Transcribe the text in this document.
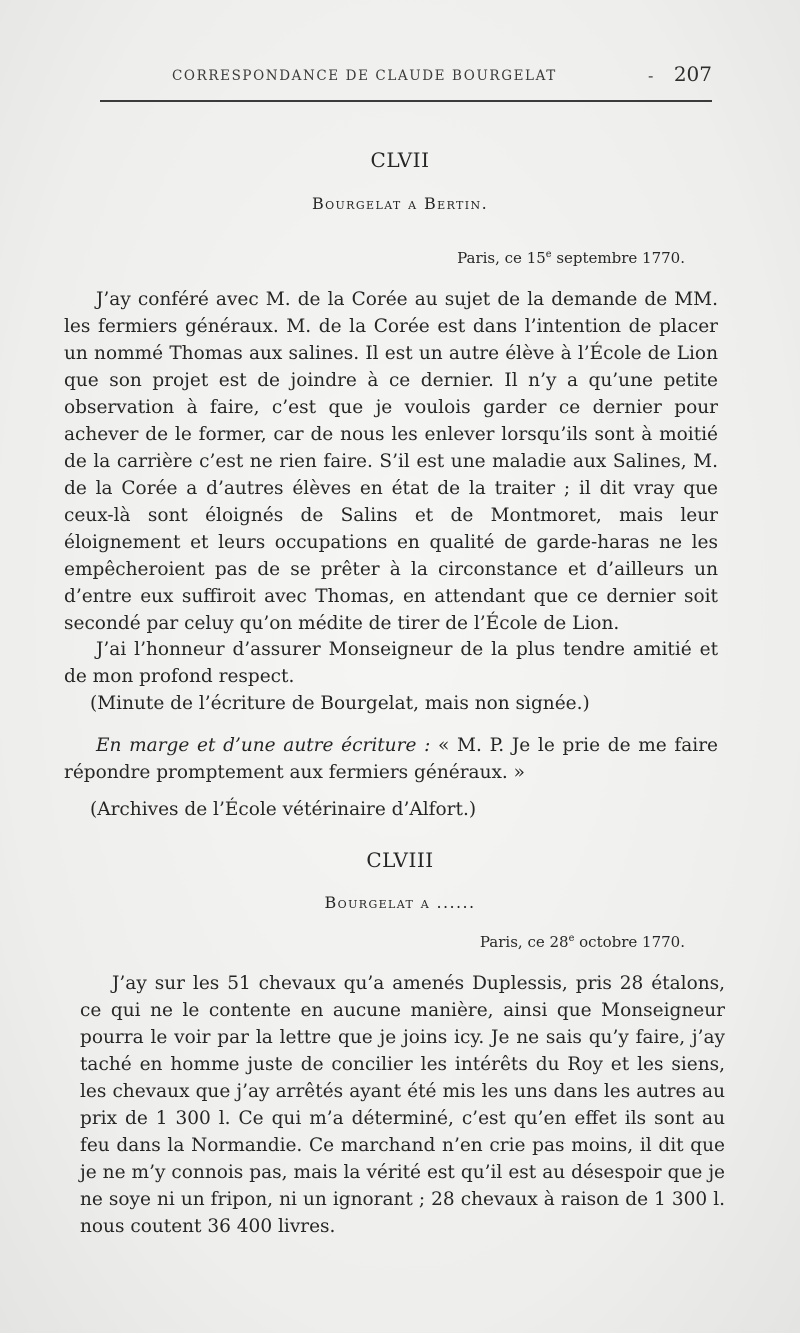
CORRESPONDANCE DE CLAUDE BOURGELAT	- 207

CLVII

Bourgelat a Bertin.

Paris, ce 15e septembre 1770.

J’ay conféré avec M. de la Corée au sujet de la demande de MM. les fermiers généraux. M. de la Corée est dans l’intention de placer un nommé Thomas aux salines. Il est un autre élève à l’École de Lion que son projet est de joindre à ce dernier. Il n’y a qu’une petite observation à faire, c’est que je voulois garder ce dernier pour achever de le former, car de nous les enlever lorsqu’ils sont à moitié de la carrière c’est ne rien faire. S’il est une maladie aux Salines, M. de la Corée a d’autres élèves en état de la traiter ; il dit vray que ceux-là sont éloignés de Salins et de Montmoret, mais leur éloignement et leurs occupations en qualité de garde-haras ne les empêcheroient pas de se prêter à la circonstance et d’ailleurs un d’entre eux suffiroit avec Thomas, en attendant que ce dernier soit secondé par celuy qu’on médite de tirer de l’École de Lion.

J’ai l’honneur d’assurer Monseigneur de la plus tendre amitié et de mon profond respect.

(Minute de l’écriture de Bourgelat, mais non signée.)

En marge et d’une autre écriture : « M. P. Je le prie de me faire répondre promptement aux fermiers généraux. »

(Archives de l’École vétérinaire d’Alfort.)

CLVIII

Bourgelat a ......

Paris, ce 28e octobre 1770.

J’ay sur les 51 chevaux qu’a amenés Duplessis, pris 28 étalons, ce qui ne le contente en aucune manière, ainsi que Monseigneur pourra le voir par la lettre que je joins icy. Je ne sais qu’y faire, j’ay taché en homme juste de concilier les intérêts du Roy et les siens, les chevaux que j’ay arrêtés ayant été mis les uns dans les autres au prix de 1 300 l. Ce qui m’a déterminé, c’est qu’en effet ils sont au feu dans la Normandie. Ce marchand n’en crie pas moins, il dit que je ne m’y connois pas, mais la vérité est qu’il est au désespoir que je ne soye ni un fripon, ni un ignorant ; 28 chevaux à raison de 1 300 l. nous coutent 36 400 livres.
